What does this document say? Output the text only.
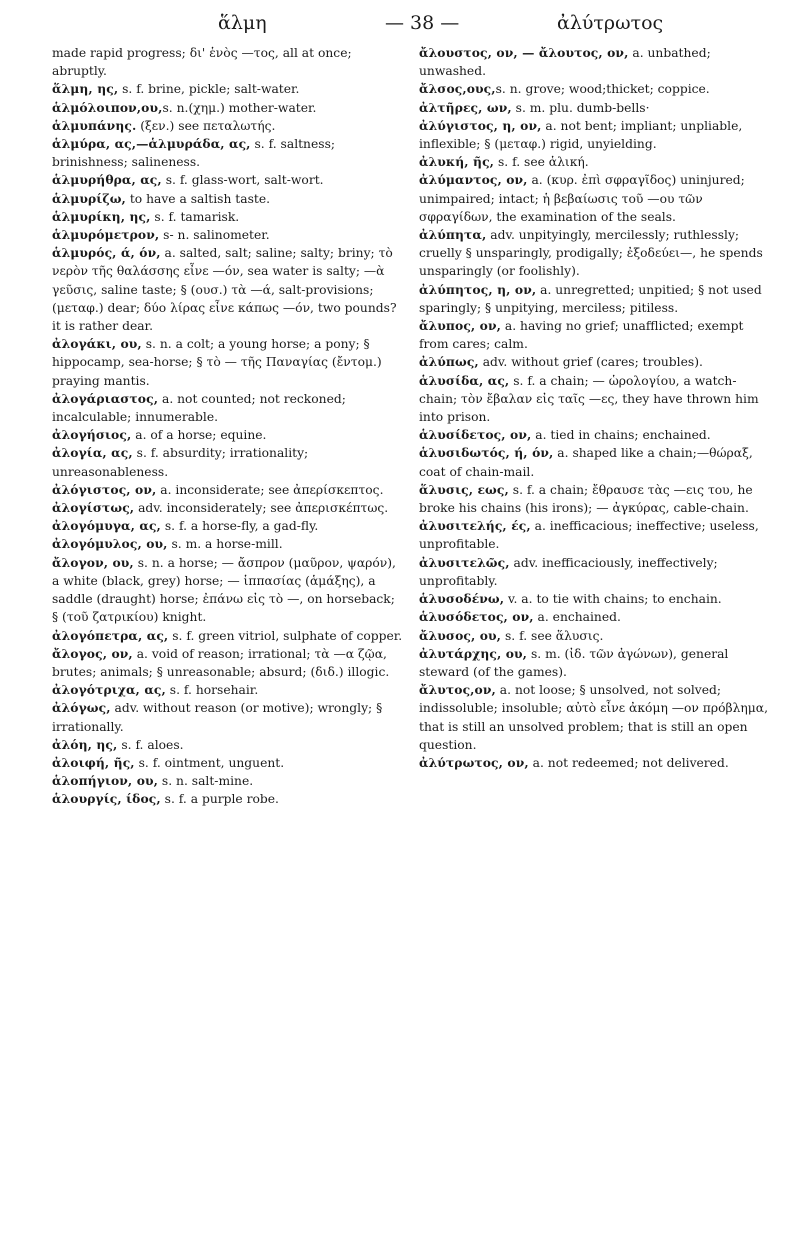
ἅλμη	— 38 —	ἀλύτρωτος

made rapid progress; δι' ἑνὸς —τος, all at once; abruptly.

ἅλμη, ης, s. f. brine, pickle; salt-water.

ἁλμόλοιπον,ου,s. n.(χημ.) mother-water.

ἁλμυπάνης. (ξεν.) see πεταλωτής.

ἁλμύρα, ας,—ἁλμυράδα, ας, s. f. saltness; brinishness; salineness.

ἁλμυρήθρα, ας, s. f. glass-wort, salt-wort.

ἁλμυρίζω, to have a saltish taste.

ἁλμυρίκη, ης, s. f. tamarisk.

ἁλμυρόμετρον, s- n. salinometer.

ἁλμυρός, ά, όν, a. salted, salt; saline; salty; briny; τὸ νερὸν τῆς θαλάσσης εἶνε —όν, sea water is salty; —ὰ γεῦσις, saline taste; § (ουσ.) τὰ —ά, salt-provisions; (μεταφ.) dear; δύο λίρας εἶνε κάπως —όν, two pounds? it is rather dear.

ἀλογάκι, ου, s. n. a colt; a young horse; a pony; § hippocamp, sea-horse; § τὸ — τῆς Παναγίας (ἔντομ.) praying mantis.

ἀλογάριαστος, a. not counted; not reckoned; incalculable; innumerable.

ἀλογήσιος, a. of a horse; equine.

ἀλογία, ας, s. f. absurdity; irrationality; unreasonableness.

ἀλόγιστος, ον, a. inconsiderate; see ἀπερίσκεπτος.

ἀλογίστως, adv. inconsiderately; see ἀπερισκέπτως.

ἀλογόμυγα, ας, s. f. a horse-fly, a gad-fly.

ἀλογόμυλος, ου, s. m. a horse-mill.

ἄλογον, ου, s. n. a horse; — ἄσπρον (μαῦρον, ψαρόν), a white (black, grey) horse; — ἱππασίας (ἁμάξης), a saddle (draught) horse; ἐπάνω εἰς τὸ —, on horseback; § (τοῦ ζατρικίου) knight.

ἀλογόπετρα, ας, s. f. green vitriol, sulphate of copper.

ἄλογος, ον, a. void of reason; irrational; τὰ —α ζῷα, brutes; animals; § unreasonable; absurd; (διδ.) illogic.

ἀλογότριχα, ας, s. f. horsehair.

ἀλόγως, adv. without reason (or motive); wrongly; § irrationally.

ἀλόη, ης, s. f. aloes.

ἀλοιφή, ῆς, s. f. ointment, unguent.

ἁλοπήγιον, ου, s. n. salt-mine.

ἁλουργίς, ίδος, s. f. a purple robe.

ἄλουστος, ον, — ἄλουτος, ον, a. unbathed; unwashed.

ἄλσος,ους,s. n. grove; wood;thicket; coppice.

ἀλτῆρες, ων, s. m. plu. dumb-bells·

ἀλύγιστος, η, ον, a. not bent; impliant; unpliable, inflexible; § (μεταφ.) rigid, unyielding.

ἀλυκή, ῆς, s. f. see ἁλική.

ἀλύμαντος, ον, a. (κυρ. ἐπὶ σφραγῖδος) uninjured; unimpaired; intact; ἡ βεβαίωσις τοῦ —ου τῶν σφραγίδων, the examination of the seals.

ἀλύπητα, adv. unpityingly, mercilessly; ruthlessly; cruelly § unsparingly, prodigally; ἐξοδεύει—, he spends unsparingly (or foolishly).

ἀλύπητος, η, ον, a. unregretted; unpitied; § not used sparingly; § unpitying, merciless; pitiless.

ἄλυπος, ον, a. having no grief; unafflicted; exempt from cares; calm.

ἀλύπως, adv. without grief (cares; troubles).

ἁλυσίδα, ας, s. f. a chain; — ὡρολογίου, a watch-chain; τὸν ἔβαλαν εἰς ταῖς —ες, they have thrown him into prison.

ἁλυσίδετος, ον, a. tied in chains; enchained.

ἁλυσιδωτός, ή, όν, a. shaped like a chain;—θώραξ, coat of chain-mail.

ἅλυσις, εως, s. f. a chain; ἔθραυσε τὰς —εις του, he broke his chains (his irons); — ἀγκύρας, cable-chain.

ἀλυσιτελής, ές, a. inefficacious; ineffective; useless, unprofitable.

ἀλυσιτελῶς, adv. inefficaciously, ineffectively; unprofitably.

ἁλυσοδένω, v. a. to tie with chains; to enchain.

ἁλυσόδετος, ον, a. enchained.

ἄλυσος, ου, s. f. see ἅλυσις.

ἀλυτάρχης, ου, s. m. (ἰδ. τῶν ἀγώνων), general steward (of the games).

ἄλυτος,ον, a. not loose; § unsolved, not solved; indissoluble; insoluble; αὐτὸ εἶνε ἀκόμη —ον πρόβλημα, that is still an unsolved problem; that is still an open question.

ἀλύτρωτος, ον, a. not redeemed; not delivered.
